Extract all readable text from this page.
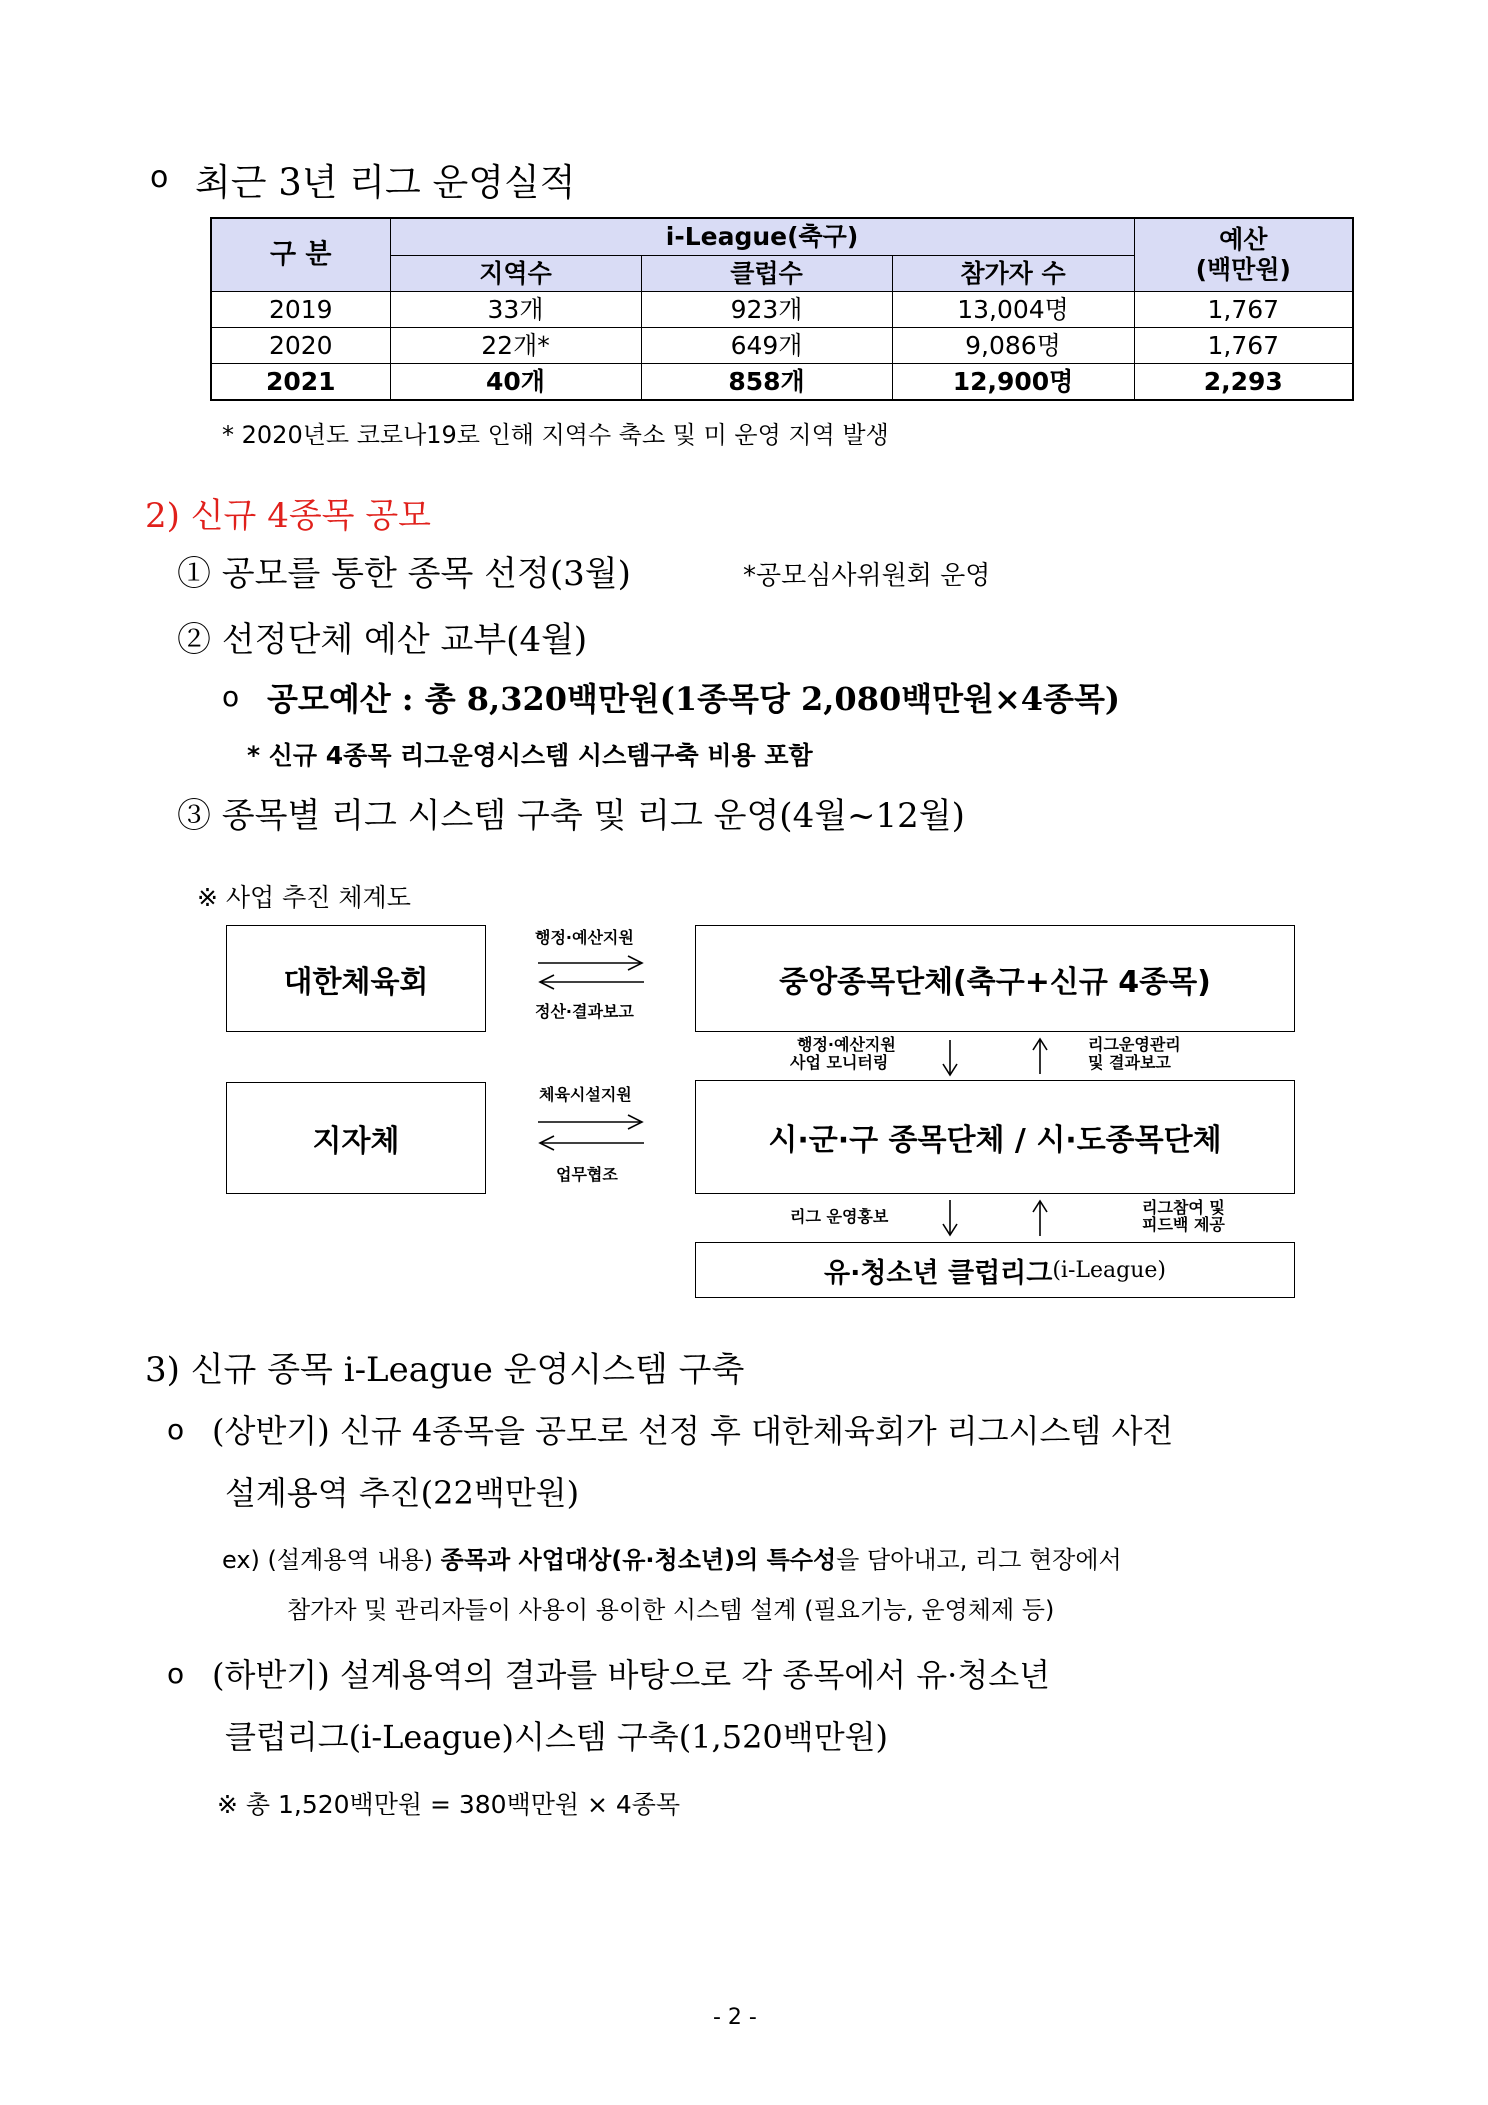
o 최근 3년 리그 운영실적
구 분	i-League(축구)			예산
(백만원)
	지역수	클럽수	참가자 수	
2019	33개	923개	13,004명	1,767
2020	22개*	649개	9,086명	1,767
2021	40개	858개	12,900명	2,293
* 2020년도 코로나19로 인해 지역수 축소 및 미 운영 지역 발생
2) 신규 4종목 공모
① 공모를 통한 종목 선정(3월)	*공모심사위원회 운영
② 선정단체 예산 교부(4월)
o 공모예산 : 총 8,320백만원(1종목당 2,080백만원×4종목)
* 신규 4종목 리그운영시스템 시스템구축 비용 포함
③ 종목별 리그 시스템 구축 및 리그 운영(4월~12월)
※ 사업 추진 체계도
대한체육회	중앙종목단체(축구+신규 4종목)
지자체	시·군·구 종목단체 / 시·도종목단체
유·청소년 클럽리그 (i-League)
행정·예산지원
정산·결과보고
체육시설지원
업무협조
행정·예산지원
사업 모니터링
리그운영관리
및 결과보고
리그 운영홍보	리그참여 및
피드백 제공
3) 신규 종목 i-League 운영시스템 구축
o (상반기) 신규 4종목을 공모로 선정 후 대한체육회가 리그시스템 사전
설계용역 추진(22백만원)
ex) (설계용역 내용) 종목과 사업대상(유·청소년)의 특수성을 담아내고, 리그 현장에서
참가자 및 관리자들이 사용이 용이한 시스템 설계 (필요기능, 운영체제 등)
o (하반기) 설계용역의 결과를 바탕으로 각 종목에서 유·청소년
클럽리그(i-League)시스템 구축(1,520백만원)
※ 총 1,520백만원 = 380백만원 × 4종목
- 2 -
